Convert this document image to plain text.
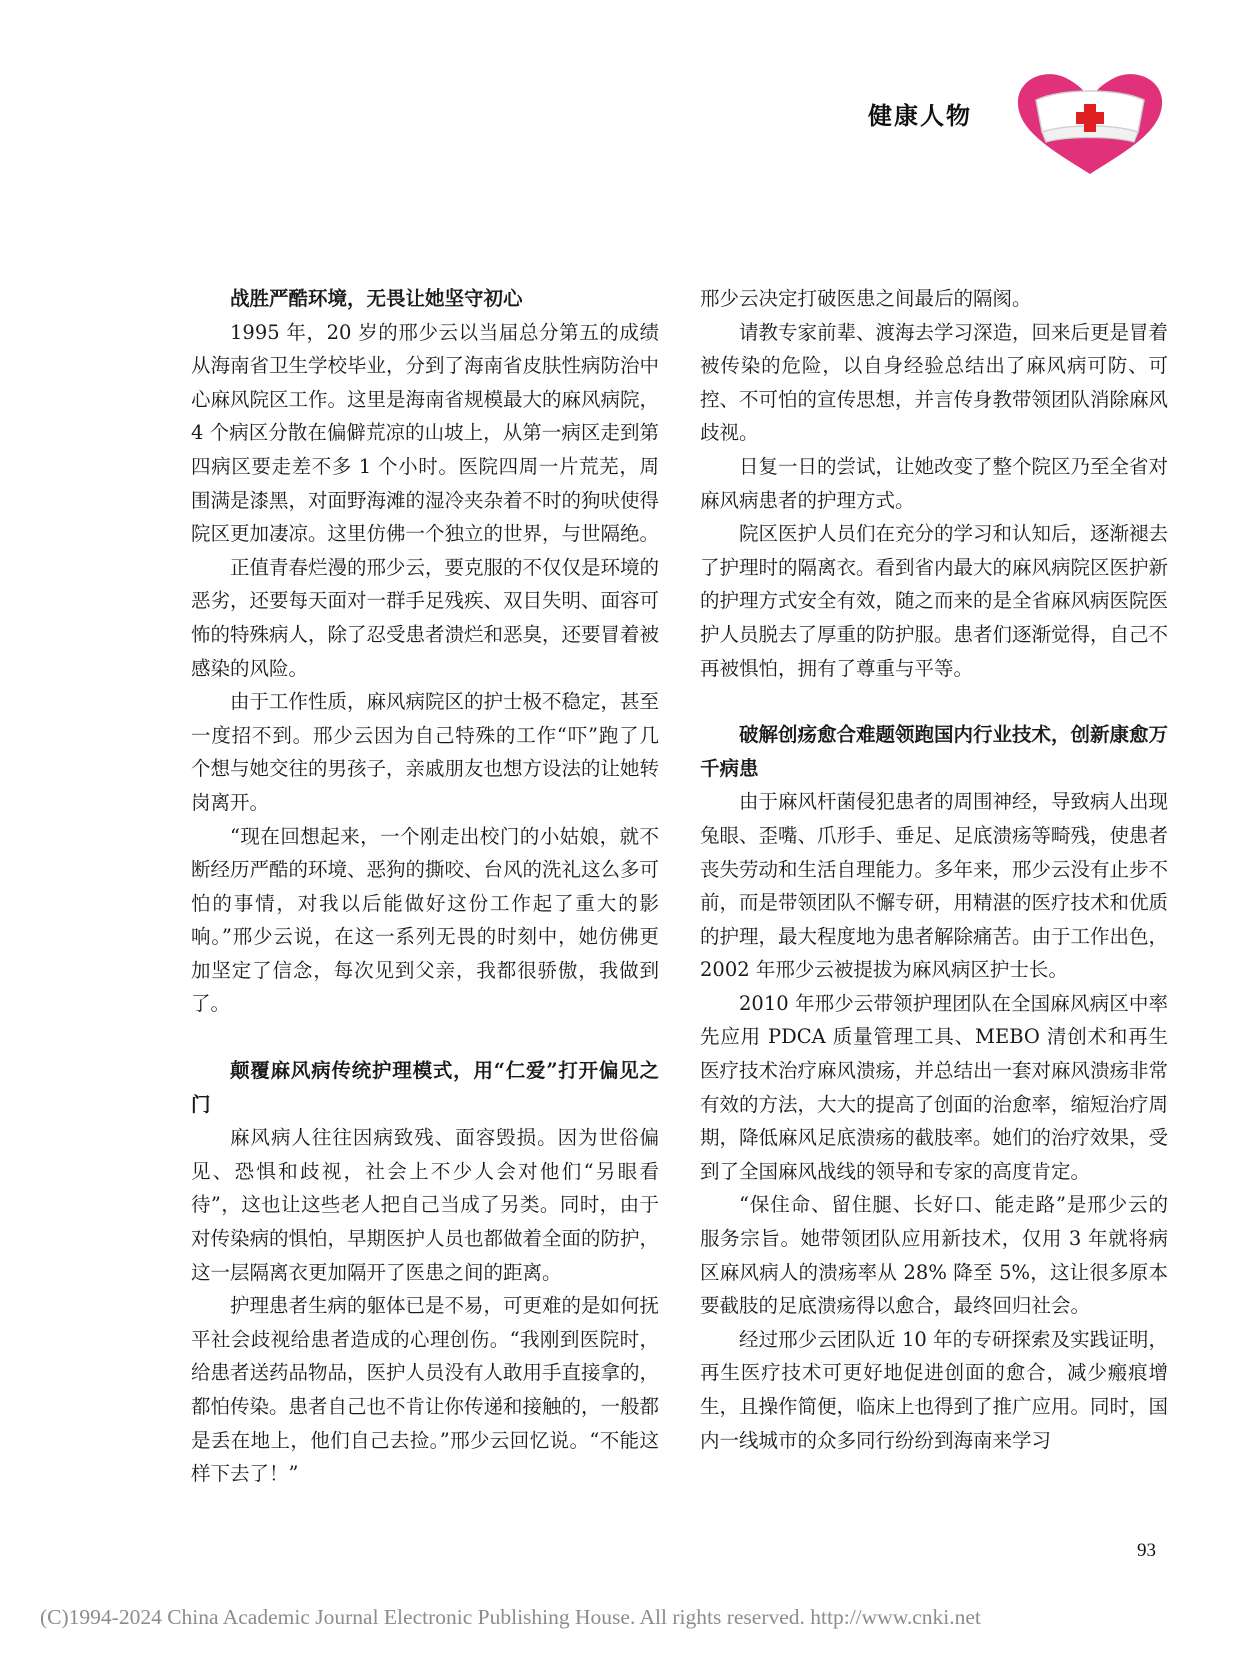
健康人物
战胜严酷环境，无畏让她坚守初心

1995 年，20 岁的邢少云以当届总分第五的成绩从海南省卫生学校毕业，分到了海南省皮肤性病防治中心麻风院区工作。这里是海南省规模最大的麻风病院，4 个病区分散在偏僻荒凉的山坡上，从第一病区走到第四病区要走差不多 1 个小时。医院四周一片荒芜，周围满是漆黑，对面野海滩的湿冷夹杂着不时的狗吠使得院区更加凄凉。这里仿佛一个独立的世界，与世隔绝。

正值青春烂漫的邢少云，要克服的不仅仅是环境的恶劣，还要每天面对一群手足残疾、双目失明、面容可怖的特殊病人，除了忍受患者溃烂和恶臭，还要冒着被感染的风险。

由于工作性质，麻风病院区的护士极不稳定，甚至一度招不到。邢少云因为自己特殊的工作“吓”跑了几个想与她交往的男孩子，亲戚朋友也想方设法的让她转岗离开。

“现在回想起来，一个刚走出校门的小姑娘，就不断经历严酷的环境、恶狗的撕咬、台风的洗礼这么多可怕的事情，对我以后能做好这份工作起了重大的影响。”邢少云说，在这一系列无畏的时刻中，她仿佛更加坚定了信念，每次见到父亲，我都很骄傲，我做到了。

颠覆麻风病传统护理模式，用“仁爱”打开偏见之门

麻风病人往往因病致残、面容毁损。因为世俗偏见、恐惧和歧视，社会上不少人会对他们“另眼看待”，这也让这些老人把自己当成了另类。同时，由于对传染病的惧怕，早期医护人员也都做着全面的防护，这一层隔离衣更加隔开了医患之间的距离。

护理患者生病的躯体已是不易，可更难的是如何抚平社会歧视给患者造成的心理创伤。“我刚到医院时，给患者送药品物品，医护人员没有人敢用手直接拿的，都怕传染。患者自己也不肯让你传递和接触的，一般都是丢在地上，他们自己去捡。”邢少云回忆说。“不能这样下去了！”

邢少云决定打破医患之间最后的隔阂。

请教专家前辈、渡海去学习深造，回来后更是冒着被传染的危险，以自身经验总结出了麻风病可防、可控、不可怕的宣传思想，并言传身教带领团队消除麻风歧视。

日复一日的尝试，让她改变了整个院区乃至全省对麻风病患者的护理方式。

院区医护人员们在充分的学习和认知后，逐渐褪去了护理时的隔离衣。看到省内最大的麻风病院区医护新的护理方式安全有效，随之而来的是全省麻风病医院医护人员脱去了厚重的防护服。患者们逐渐觉得，自己不再被惧怕，拥有了尊重与平等。

破解创疡愈合难题领跑国内行业技术，创新康愈万千病患

由于麻风杆菌侵犯患者的周围神经，导致病人出现兔眼、歪嘴、爪形手、垂足、足底溃疡等畸残，使患者丧失劳动和生活自理能力。多年来，邢少云没有止步不前，而是带领团队不懈专研，用精湛的医疗技术和优质的护理，最大程度地为患者解除痛苦。由于工作出色，2002 年邢少云被提拔为麻风病区护士长。

2010 年邢少云带领护理团队在全国麻风病区中率先应用 PDCA 质量管理工具、MEBO 清创术和再生医疗技术治疗麻风溃疡，并总结出一套对麻风溃疡非常有效的方法，大大的提高了创面的治愈率，缩短治疗周期，降低麻风足底溃疡的截肢率。她们的治疗效果，受到了全国麻风战线的领导和专家的高度肯定。

“保住命、留住腿、长好口、能走路”是邢少云的服务宗旨。她带领团队应用新技术，仅用 3 年就将病区麻风病人的溃疡率从 28% 降至 5%，这让很多原本要截肢的足底溃疡得以愈合，最终回归社会。

经过邢少云团队近 10 年的专研探索及实践证明，再生医疗技术可更好地促进创面的愈合，减少瘢痕增生，且操作简便，临床上也得到了推广应用。同时，国内一线城市的众多同行纷纷到海南来学习

93
(C)1994-2024 China Academic Journal Electronic Publishing House. All rights reserved. http://www.cnki.net
